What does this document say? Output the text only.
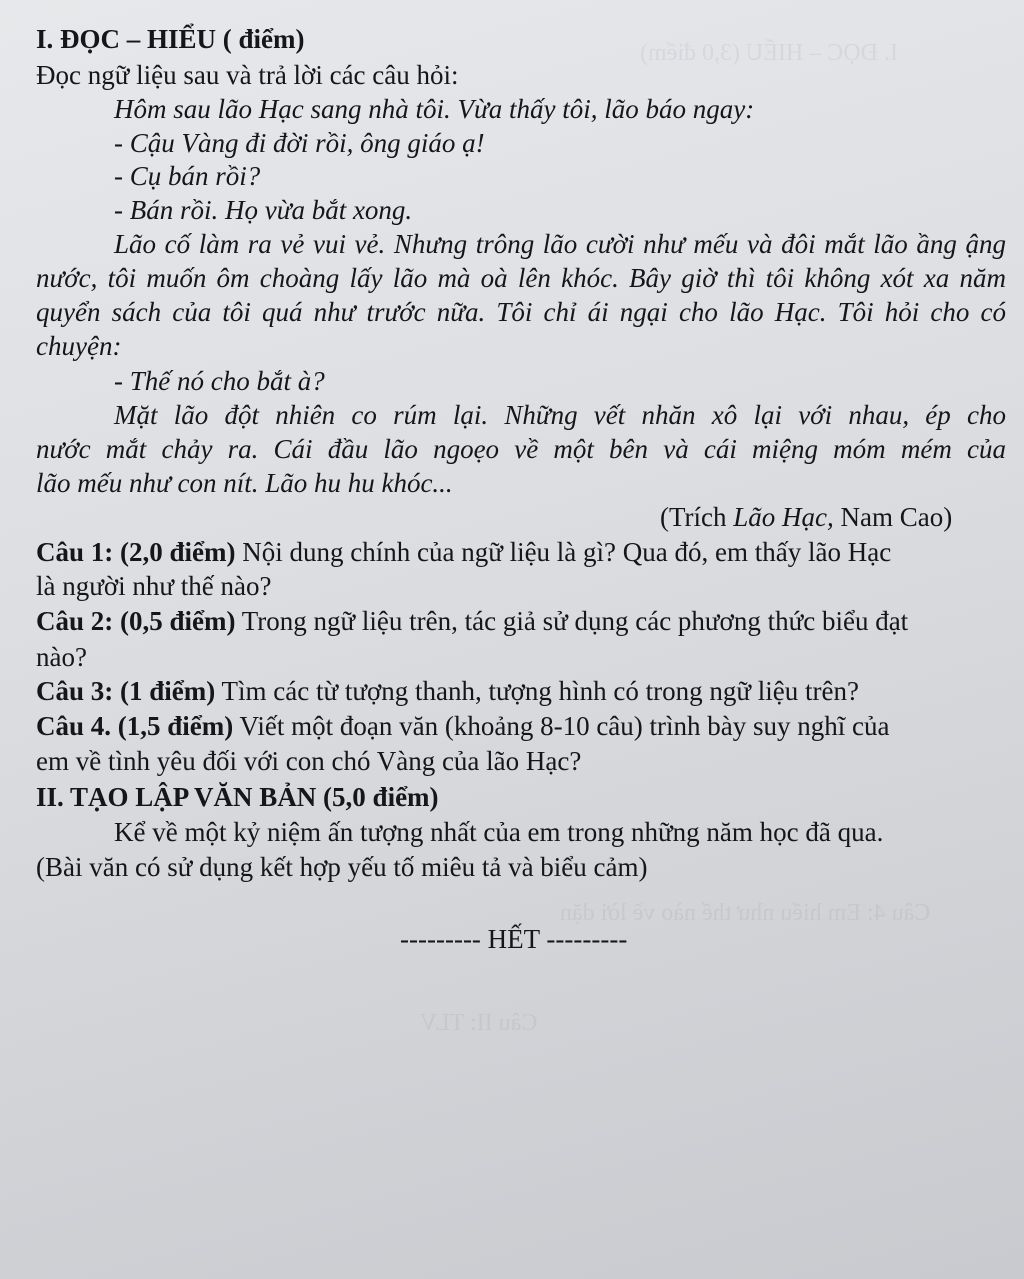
I. ĐỌC – HIỂU (3,0 điểm)
Câu 4: Em hiểu như thế nào về lời dặn
Câu II: TLV
I. ĐỌC – HIỂU ( điểm)
Đọc ngữ liệu sau và trả lời các câu hỏi:
Hôm sau lão Hạc sang nhà tôi. Vừa thấy tôi, lão báo ngay:
- Cậu Vàng đi đời rồi, ông giáo ạ!
- Cụ bán rồi?
- Bán rồi. Họ vừa bắt xong.
Lão cố làm ra vẻ vui vẻ. Nhưng trông lão cười như mếu và đôi mắt lão ầng ậng
nước, tôi muốn ôm choàng lấy lão mà oà lên khóc. Bây giờ thì tôi không xót xa năm
quyển sách của tôi quá như trước nữa. Tôi chỉ ái ngại cho lão Hạc. Tôi hỏi cho có
chuyện:
- Thế nó cho bắt à?
Mặt lão đột nhiên co rúm lại. Những vết nhăn xô lại với nhau, ép cho
nước mắt chảy ra. Cái đầu lão ngoẹo về một bên và cái miệng móm mém của
lão mếu như con nít. Lão hu hu khóc...
(Trích Lão Hạc, Nam Cao)
Câu 1: (2,0 điểm) Nội dung chính của ngữ liệu là gì? Qua đó, em thấy lão Hạc
là người như thế nào?
Câu 2: (0,5 điểm) Trong ngữ liệu trên, tác giả sử dụng các phương thức biểu đạt
nào?
Câu 3: (1 điểm) Tìm các từ tượng thanh, tượng hình có trong ngữ liệu trên?
Câu 4. (1,5 điểm) Viết một đoạn văn (khoảng 8-10 câu) trình bày suy nghĩ của
em về tình yêu đối với con chó Vàng của lão Hạc?
II. TẠO LẬP VĂN BẢN (5,0 điểm)
Kể về một kỷ niệm ấn tượng nhất của em trong những năm học đã qua.
(Bài văn có sử dụng kết hợp yếu tố miêu tả và biểu cảm)
--------- HẾT ---------
